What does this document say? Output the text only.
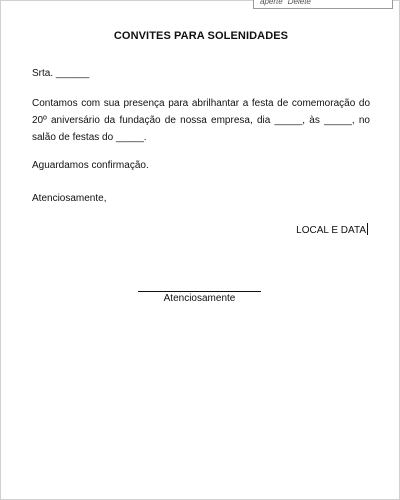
aperte "Delete"
CONVITES PARA SOLENIDADES
Srta. ______
Contamos com sua presença para abrilhantar a festa de comemoração do 20º aniversário da fundação de nossa empresa, dia _____, às _____, no salão de festas do _____.
Aguardamos confirmação.
Atenciosamente,
LOCAL E DATA
Atenciosamente
